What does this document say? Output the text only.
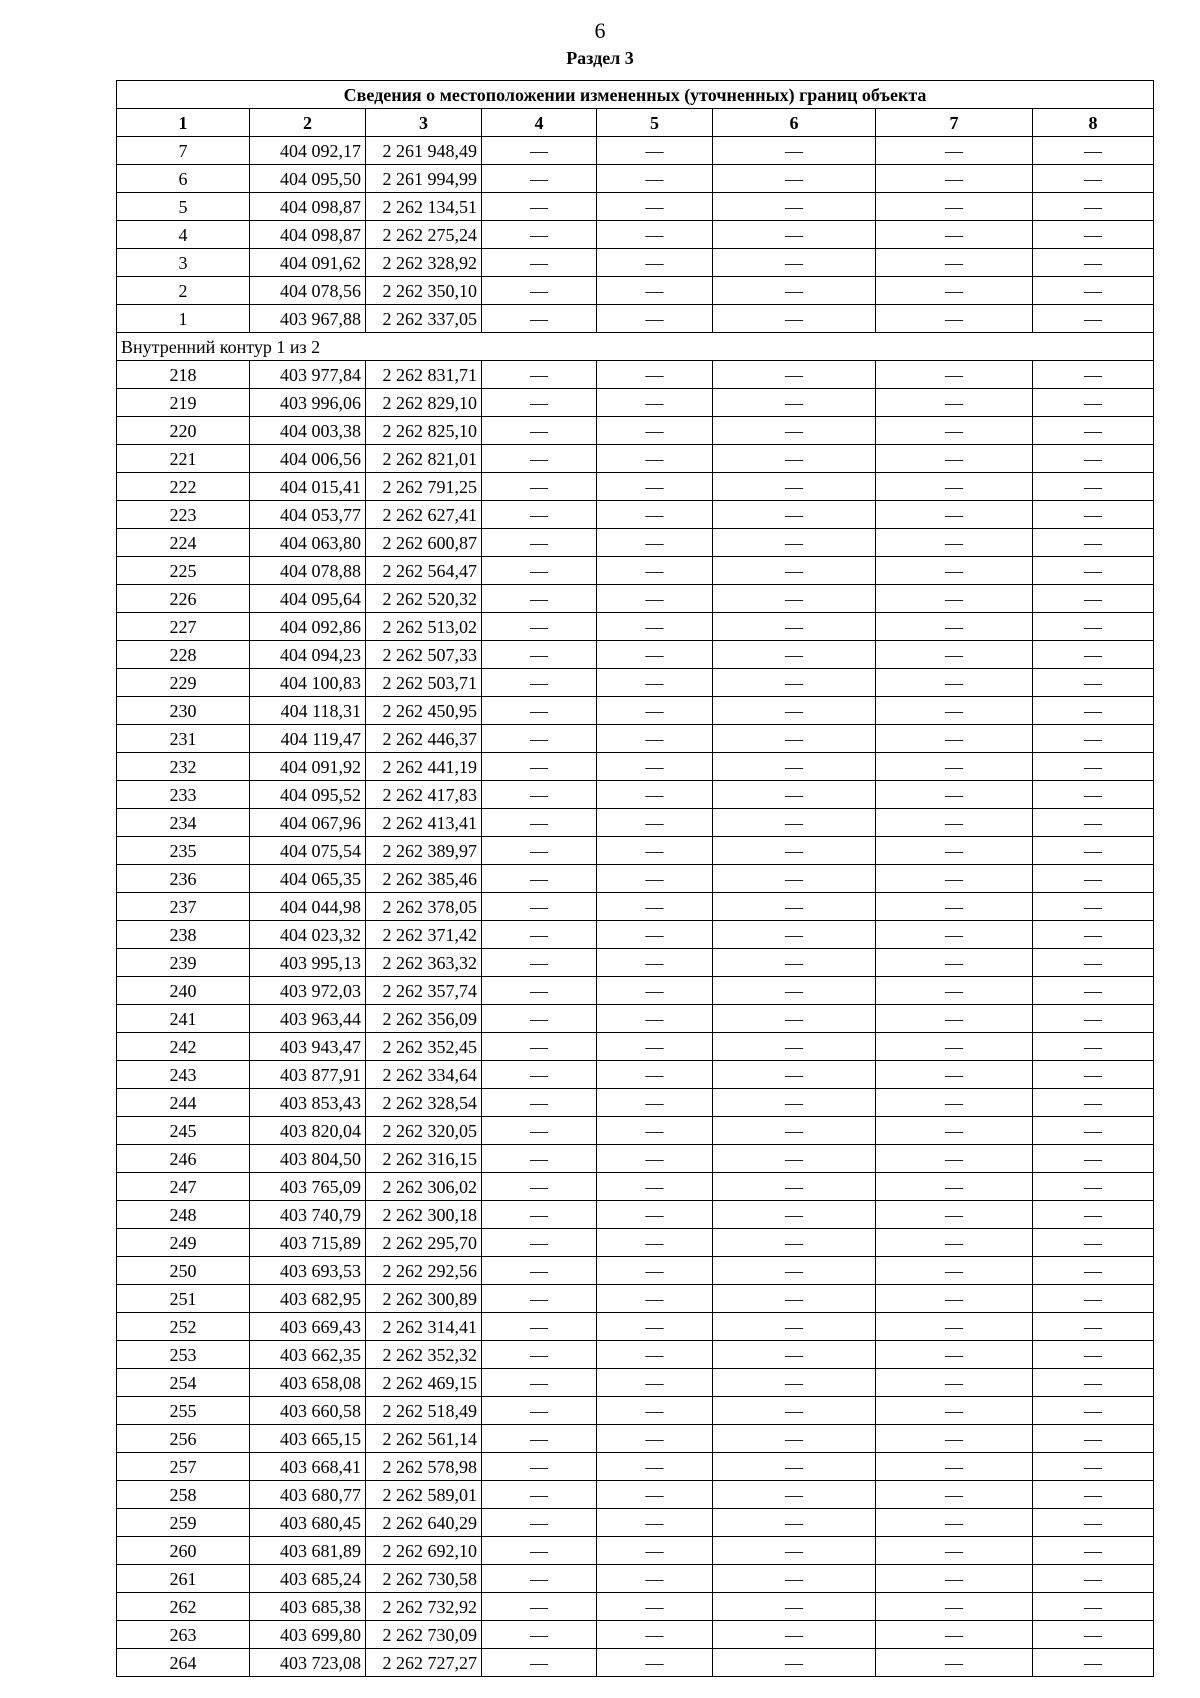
6
Раздел 3
Сведения о местоположении измененных (уточненных) границ объекта							
1	2	3	4	5	6	7	8
7	404 092,17	2 261 948,49	—	—	—	—	—
6	404 095,50	2 261 994,99	—	—	—	—	—
5	404 098,87	2 262 134,51	—	—	—	—	—
4	404 098,87	2 262 275,24	—	—	—	—	—
3	404 091,62	2 262 328,92	—	—	—	—	—
2	404 078,56	2 262 350,10	—	—	—	—	—
1	403 967,88	2 262 337,05	—	—	—	—	—
Внутренний контур 1 из 2							
218	403 977,84	2 262 831,71	—	—	—	—	—
219	403 996,06	2 262 829,10	—	—	—	—	—
220	404 003,38	2 262 825,10	—	—	—	—	—
221	404 006,56	2 262 821,01	—	—	—	—	—
222	404 015,41	2 262 791,25	—	—	—	—	—
223	404 053,77	2 262 627,41	—	—	—	—	—
224	404 063,80	2 262 600,87	—	—	—	—	—
225	404 078,88	2 262 564,47	—	—	—	—	—
226	404 095,64	2 262 520,32	—	—	—	—	—
227	404 092,86	2 262 513,02	—	—	—	—	—
228	404 094,23	2 262 507,33	—	—	—	—	—
229	404 100,83	2 262 503,71	—	—	—	—	—
230	404 118,31	2 262 450,95	—	—	—	—	—
231	404 119,47	2 262 446,37	—	—	—	—	—
232	404 091,92	2 262 441,19	—	—	—	—	—
233	404 095,52	2 262 417,83	—	—	—	—	—
234	404 067,96	2 262 413,41	—	—	—	—	—
235	404 075,54	2 262 389,97	—	—	—	—	—
236	404 065,35	2 262 385,46	—	—	—	—	—
237	404 044,98	2 262 378,05	—	—	—	—	—
238	404 023,32	2 262 371,42	—	—	—	—	—
239	403 995,13	2 262 363,32	—	—	—	—	—
240	403 972,03	2 262 357,74	—	—	—	—	—
241	403 963,44	2 262 356,09	—	—	—	—	—
242	403 943,47	2 262 352,45	—	—	—	—	—
243	403 877,91	2 262 334,64	—	—	—	—	—
244	403 853,43	2 262 328,54	—	—	—	—	—
245	403 820,04	2 262 320,05	—	—	—	—	—
246	403 804,50	2 262 316,15	—	—	—	—	—
247	403 765,09	2 262 306,02	—	—	—	—	—
248	403 740,79	2 262 300,18	—	—	—	—	—
249	403 715,89	2 262 295,70	—	—	—	—	—
250	403 693,53	2 262 292,56	—	—	—	—	—
251	403 682,95	2 262 300,89	—	—	—	—	—
252	403 669,43	2 262 314,41	—	—	—	—	—
253	403 662,35	2 262 352,32	—	—	—	—	—
254	403 658,08	2 262 469,15	—	—	—	—	—
255	403 660,58	2 262 518,49	—	—	—	—	—
256	403 665,15	2 262 561,14	—	—	—	—	—
257	403 668,41	2 262 578,98	—	—	—	—	—
258	403 680,77	2 262 589,01	—	—	—	—	—
259	403 680,45	2 262 640,29	—	—	—	—	—
260	403 681,89	2 262 692,10	—	—	—	—	—
261	403 685,24	2 262 730,58	—	—	—	—	—
262	403 685,38	2 262 732,92	—	—	—	—	—
263	403 699,80	2 262 730,09	—	—	—	—	—
264	403 723,08	2 262 727,27	—	—	—	—	—
